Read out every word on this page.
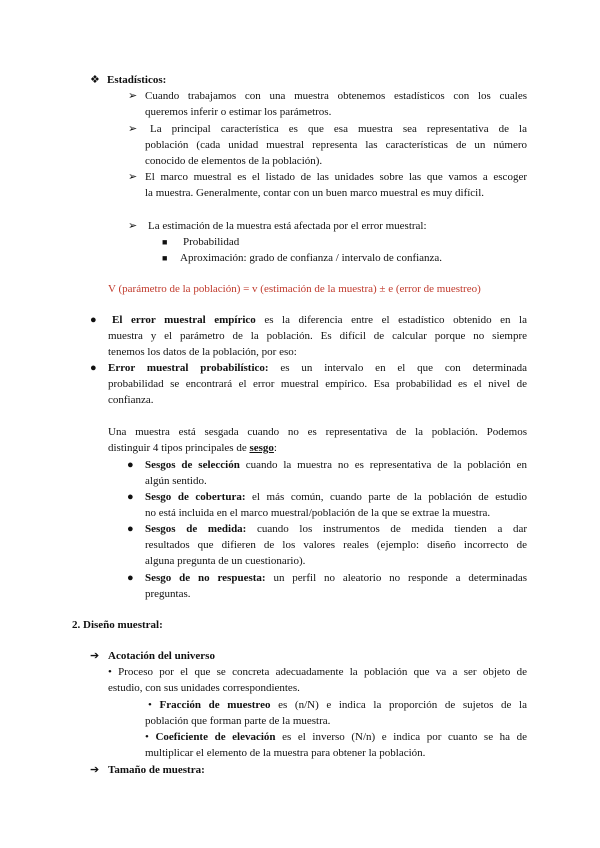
❖ Estadísticos:
➢ Cuando trabajamos con una muestra obtenemos estadísticos con los cuales
queremos inferir o estimar los parámetros.
➢ La principal característica es que esa muestra sea representativa de la
población (cada unidad muestral representa las características de un número
conocido de elementos de la población).
➢ El marco muestral es el listado de las unidades sobre las que vamos a escoger
la muestra. Generalmente, contar con un buen marco muestral es muy difícil.
➢ La estimación de la muestra está afectada por el error muestral:
■ Probabilidad
■ Aproximación: grado de confianza / intervalo de confianza.
V (parámetro de la población) = v (estimación de la muestra) ± e (error de muestreo)
● El error muestral empírico es la diferencia entre el estadístico obtenido en la
muestra y el parámetro de la población. Es difícil de calcular porque no siempre
tenemos los datos de la población, por eso:
● Error muestral probabilístico: es un intervalo en el que con determinada
probabilidad se encontrará el error muestral empírico. Esa probabilidad es el nivel de
confianza.
Una muestra está sesgada cuando no es representativa de la población. Podemos
distinguir 4 tipos principales de sesgo:
● Sesgos de selección cuando la muestra no es representativa de la población en
algún sentido.
● Sesgo de cobertura: el más común, cuando parte de la población de estudio
no está incluida en el marco muestral/población de la que se extrae la muestra.
● Sesgos de medida: cuando los instrumentos de medida tienden a dar
resultados que difieren de los valores reales (ejemplo: diseño incorrecto de
alguna pregunta de un cuestionario).
● Sesgo de no respuesta: un perfil no aleatorio no responde a determinadas
preguntas.
2. Diseño muestral:
➔ Acotación del universo
• Proceso por el que se concreta adecuadamente la población que va a ser objeto de
estudio, con sus unidades correspondientes.
• Fracción de muestreo es (n/N) e indica la proporción de sujetos de la
población que forman parte de la muestra.
• Coeficiente de elevación es el inverso (N/n) e indica por cuanto se ha de
multiplicar el elemento de la muestra para obtener la población.
➔ Tamaño de muestra:
